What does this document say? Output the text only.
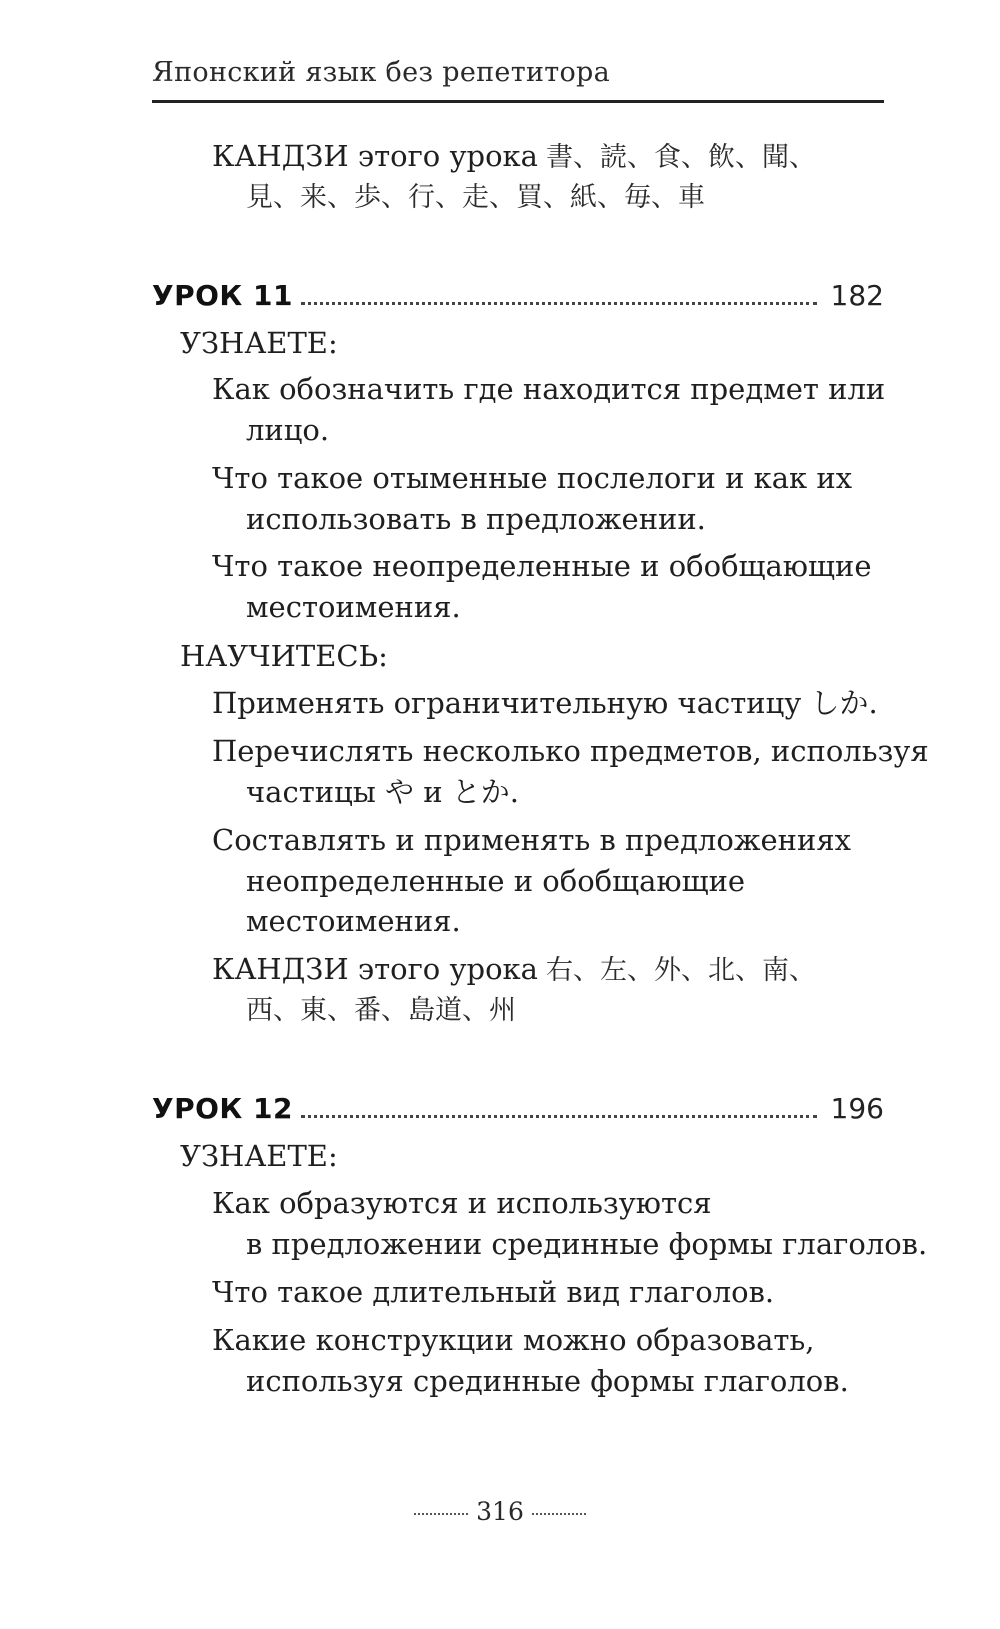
Японский язык без репетитора
КАНДЗИ этого урока 書、読、食、飲、聞、
見、来、歩、行、走、買、紙、毎、車
УРОК 11	182
УЗНАЕТЕ:
Как обозначить где находится предмет или
лицо.
Что такое отыменные послелоги и как их
использовать в предложении.
Что такое неопределенные и обобщающие
местоимения.
НАУЧИТЕСЬ:
Применять ограничительную частицу しか.
Перечислять несколько предметов, используя
частицы や и とか.
Составлять и применять в предложениях
неопределенные и обобщающие
местоимения.
КАНДЗИ этого урока 右、左、外、北、南、
西、東、番、島道、州
УРОК 12	196
УЗНАЕТЕ:
Как образуются и используются
в предложении срединные формы глаголов.
Что такое длительный вид глаголов.
Какие конструкции можно образовать,
используя срединные формы глаголов.
316
